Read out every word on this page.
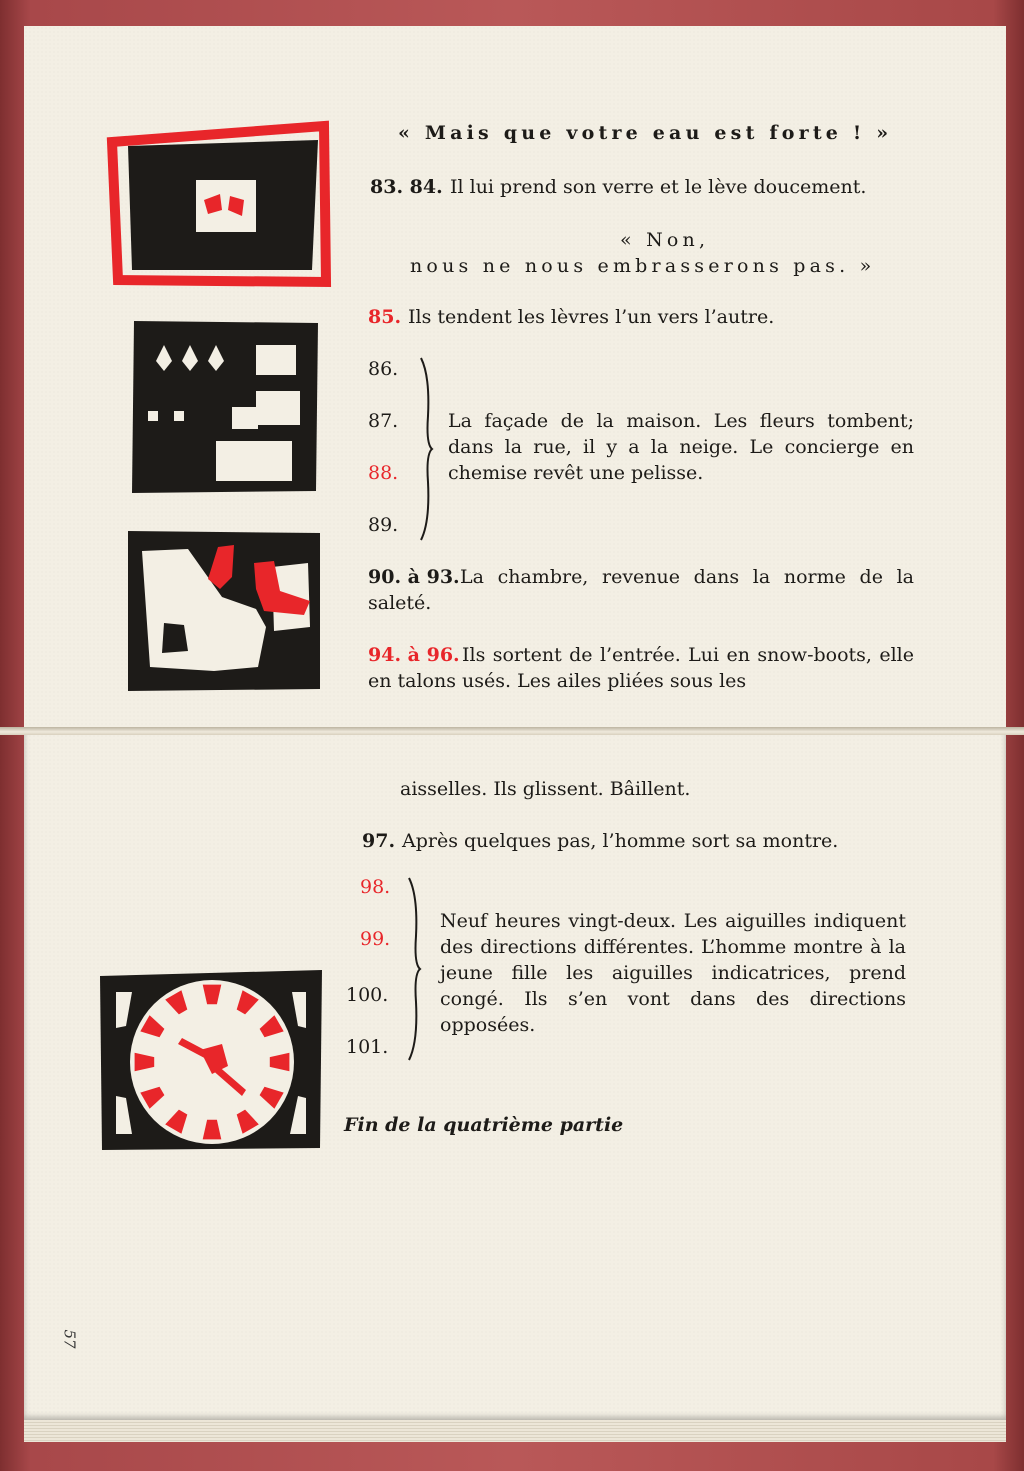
« Mais que votre eau est forte ! »
83. 84. Il lui prend son verre et le lève doucement.
« Non,
nous ne nous embrasserons pas. »
85. Ils tendent les lèvres l’un vers l’autre.
86.
87.
88.
89.
La façade de la maison. Les fleurs tombent; dans la rue, il y a la neige. Le concierge en chemise revêt une pelisse.
90. à 93. La chambre, revenue dans la norme de la saleté.
94. à 96. Ils sortent de l’entrée. Lui en snow-boots, elle en talons usés. Les ailes pliées sous les
aisselles. Ils glissent. Bâillent.
97. Après quelques pas, l’homme sort sa montre.
98.
99.
100.
101.
Neuf heures vingt-deux. Les aiguilles indiquent des directions différentes. L’homme montre à la jeune fille les aiguilles indicatrices, prend congé. Ils s’en vont dans des directions opposées.
Fin de la quatrième partie
57
